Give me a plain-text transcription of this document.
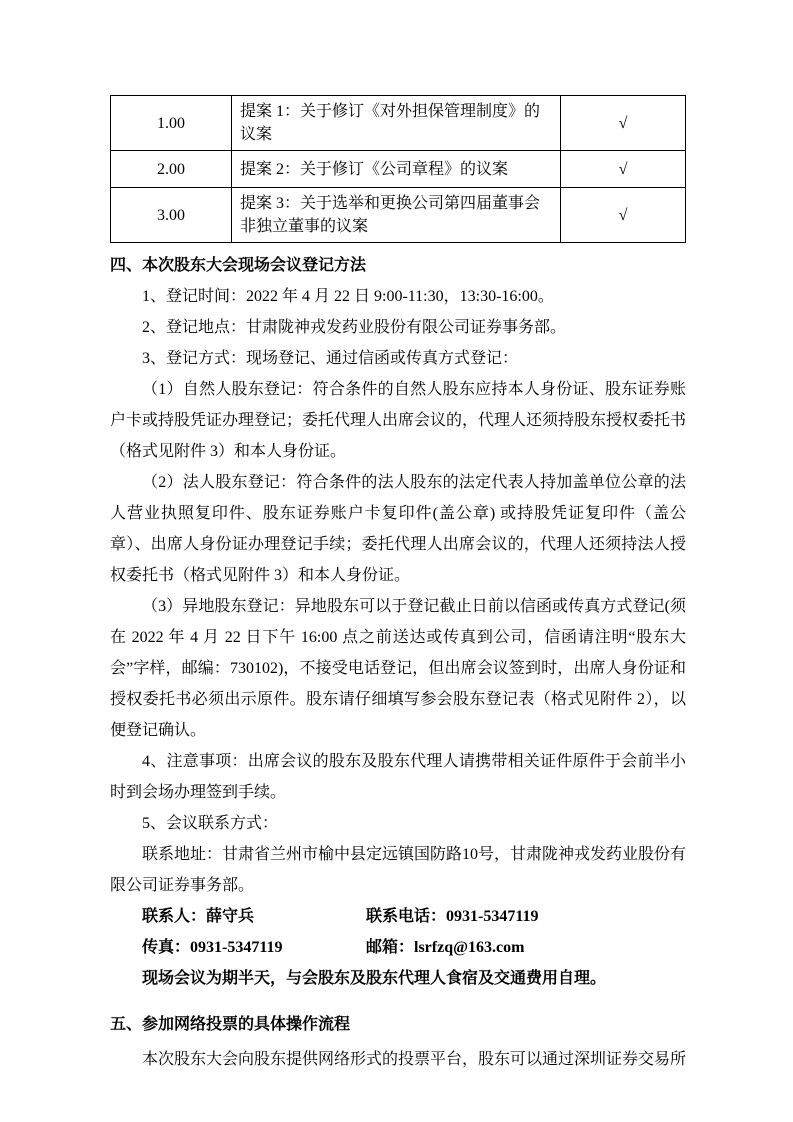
1.00	提案 1：关于修订《对外担保管理制度》的议案	√
2.00	提案 2：关于修订《公司章程》的议案	√
3.00	提案 3：关于选举和更换公司第四届董事会非独立董事的议案	√
四、本次股东大会现场会议登记方法

1、登记时间：2022 年 4 月 22 日 9:00-11:30，13:30-16:00。

2、登记地点：甘肃陇神戎发药业股份有限公司证券事务部。

3、登记方式：现场登记、通过信函或传真方式登记：

（1）自然人股东登记：符合条件的自然人股东应持本人身份证、股东证券账户卡或持股凭证办理登记；委托代理人出席会议的，代理人还须持股东授权委托书（格式见附件 3）和本人身份证。

（2）法人股东登记：符合条件的法人股东的法定代表人持加盖单位公章的法人营业执照复印件、股东证券账户卡复印件(盖公章) 或持股凭证复印件（盖公章）、出席人身份证办理登记手续；委托代理人出席会议的，代理人还须持法人授权委托书（格式见附件 3）和本人身份证。

（3）异地股东登记：异地股东可以于登记截止日前以信函或传真方式登记(须在 2022 年 4 月 22 日下午 16:00 点之前送达或传真到公司，信函请注明“股东大会”字样，邮编：730102)，不接受电话登记，但出席会议签到时，出席人身份证和授权委托书必须出示原件。股东请仔细填写参会股东登记表（格式见附件 2），以便登记确认。

4、注意事项：出席会议的股东及股东代理人请携带相关证件原件于会前半小时到会场办理签到手续。

5、会议联系方式：

联系地址：甘肃省兰州市榆中县定远镇国防路10号，甘肃陇神戎发药业股份有限公司证券事务部。

联系人：薛守兵	联系电话：0931-5347119
传真：0931-5347119	邮箱：lsrfzq@163.com

现场会议为期半天，与会股东及股东代理人食宿及交通费用自理。

五、参加网络投票的具体操作流程

本次股东大会向股东提供网络形式的投票平台，股东可以通过深圳证券交易所
